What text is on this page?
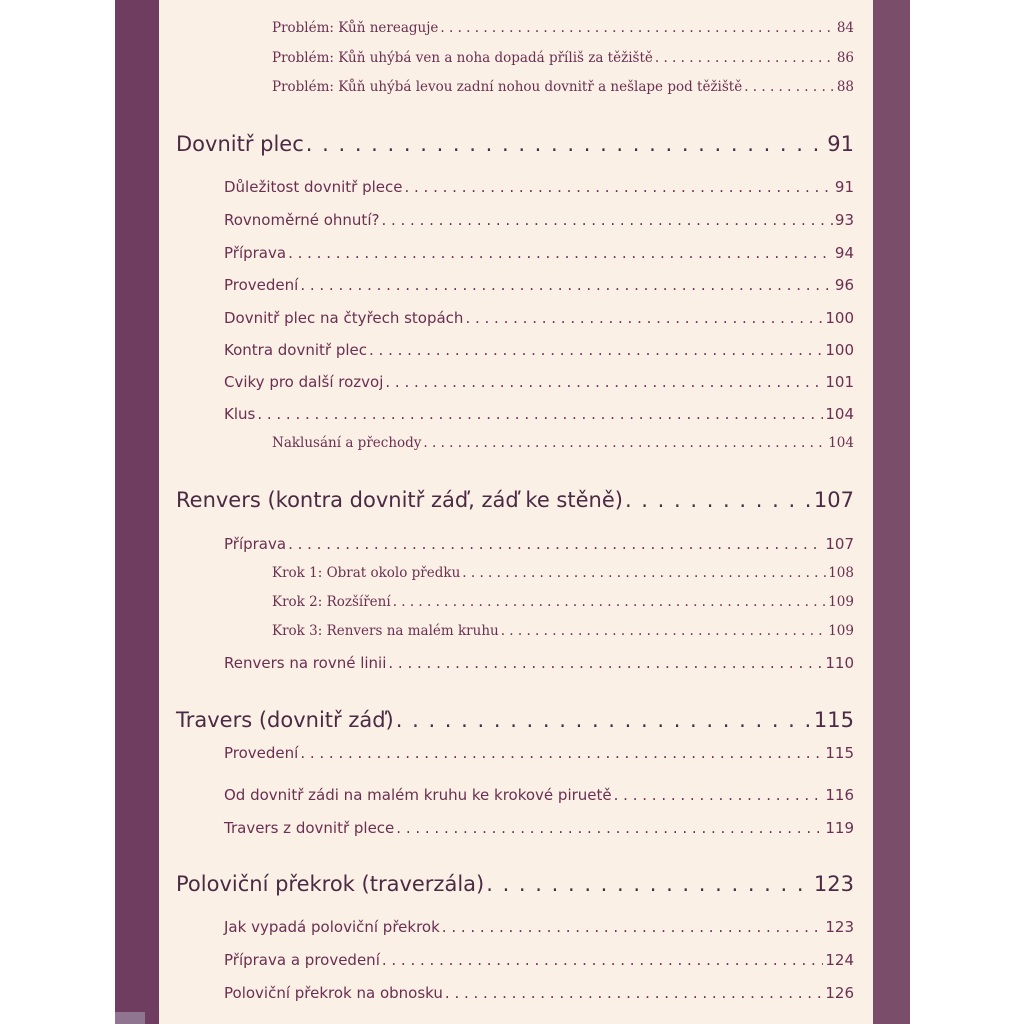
Problém: Kůň nereaguje . . .	84
Problém: Kůň uhýbá ven a noha dopadá příliš za těžiště . . .	86
Problém: Kůň uhýbá levou zadní nohou dovnitř a nešlape pod těžiště . . .	88
Dovnitř plec . . .	91
Důležitost dovnitř plece . . .	91
Rovnoměrné ohnutí? . . .	93
Příprava . . .	94
Provedení . . .	96
Dovnitř plec na čtyřech stopách . . .	100
Kontra dovnitř plec . . .	100
Cviky pro další rozvoj . . .	101
Klus . . .	104
Naklusání a přechody . . .	104
Renvers (kontra dovnitř záď, záď ke stěně) . . .	107
Příprava . . .	107
Krok 1: Obrat okolo předku . . .	108
Krok 2: Rozšíření . . .	109
Krok 3: Renvers na malém kruhu . . .	109
Renvers na rovné linii . . .	110
Travers (dovnitř záď) . . .	115
Provedení . . .	115
Od dovnitř zádi na malém kruhu ke krokové piruetě . . .	116
Travers z dovnitř plece . . .	119
Poloviční překrok (traverzála) . . .	123
Jak vypadá poloviční překrok . . .	123
Příprava a provedení . . .	124
Poloviční překrok na obnosku . . .	126
